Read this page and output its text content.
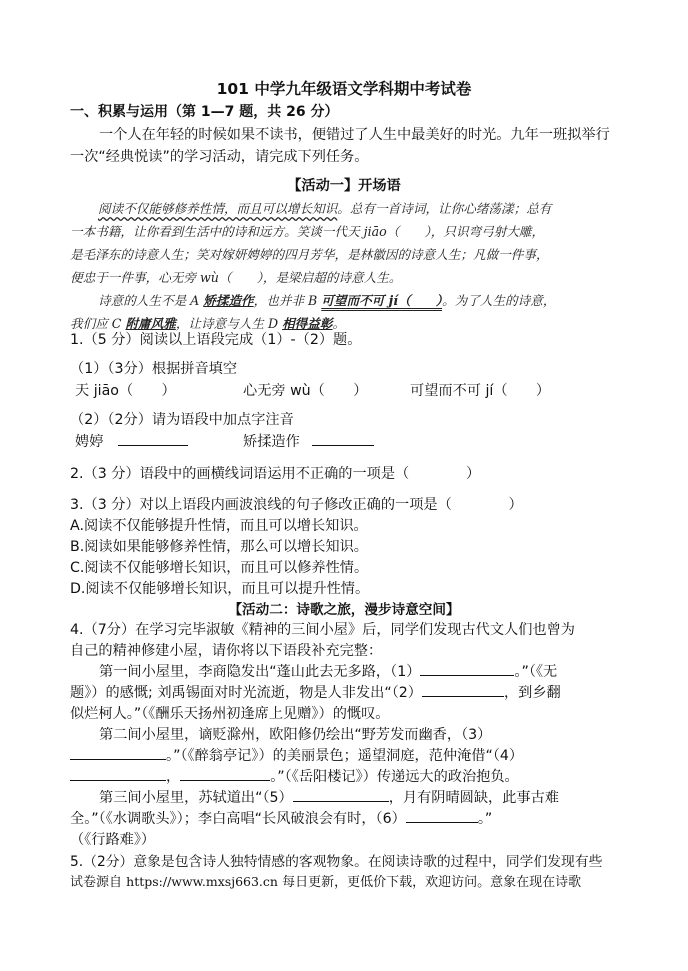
101 中学九年级语文学科期中考试卷
一、积累与运用（第 1—7 题，共 26 分）
一个人在年轻的时候如果不读书，便错过了人生中最美好的时光。九年一班拟举行
一次“经典悦读”的学习活动，请完成下列任务。
【活动一】开场语
阅读不仅能够修养性情，而且可以增长知识。总有一首诗词，让你心绪荡漾；总有
一本书籍，让你看到生活中的诗和远方。笑谈一代天 jiāo（　　），只识弯弓射大雕，
是毛泽东的诗意人生；笑对嫁妍娉婷的四月芳华，是林徽因的诗意人生；凡做一件事，
便忠于一件事，心无旁 wù（　　），是梁启超的诗意人生。
诗意的人生不是 A 矫揉造作，也并非 B 可望而不可 jí（　　）。为了人生的诗意，
我们应 C 附庸风雅，让诗意与人生 D 相得益彰。
1.（5 分）阅读以上语段完成（1）-（2）题。
（1）（3分）根据拼音填空
天 jiāo（　　）	心无旁 wù（　　）	可望而不可 jí（　　）
（2）（2分）请为语段中加点字注音
娉婷	矫揉造作
2.（3 分）语段中的画横线词语运用不正确的一项是（　　　　）
3.（3 分）对以上语段内画波浪线的句子修改正确的一项是（　　　　）
A.阅读不仅能够提升性情，而且可以增长知识。
B.阅读如果能够修养性情，那么可以增长知识。
C.阅读不仅能够增长知识，而且可以修养性情。
D.阅读不仅能够增长知识，而且可以提升性情。
【活动二：诗歌之旅，漫步诗意空间】
4.（7分）在学习完毕淑敏《精神的三间小屋》后，同学们发现古代文人们也曾为
自己的精神修建小屋，请你将以下语段补充完整：
第一间小屋里，李商隐发出“蓬山此去无多路，（1）	。”（《无
题》）的感慨; 刘禹锡面对时光流逝，物是人非发出“（2）	，到乡翻
似烂柯人。”（《酬乐天扬州初逢席上见赠》）的慨叹。
第二间小屋里，谪贬滁州，欧阳修仍绘出“野芳发而幽香，（3）
。”（《醉翁亭记》）的美丽景色；遥望洞庭，范仲淹借“（4）
，	。”（《岳阳楼记》）传递远大的政治抱负。
第三间小屋里，苏轼道出“（5）	，月有阴晴圆缺，此事古难
全。”（《水调歌头》）；李白高唱“长风破浪会有时，（6）	。”
（《行路难》）
5.（2分）意象是包含诗人独特情感的客观物象。在阅读诗歌的过程中，同学们发现有些
试卷源自 https://www.mxsj663.cn 每日更新，更低价下载，欢迎访问。意象在现在诗歌
